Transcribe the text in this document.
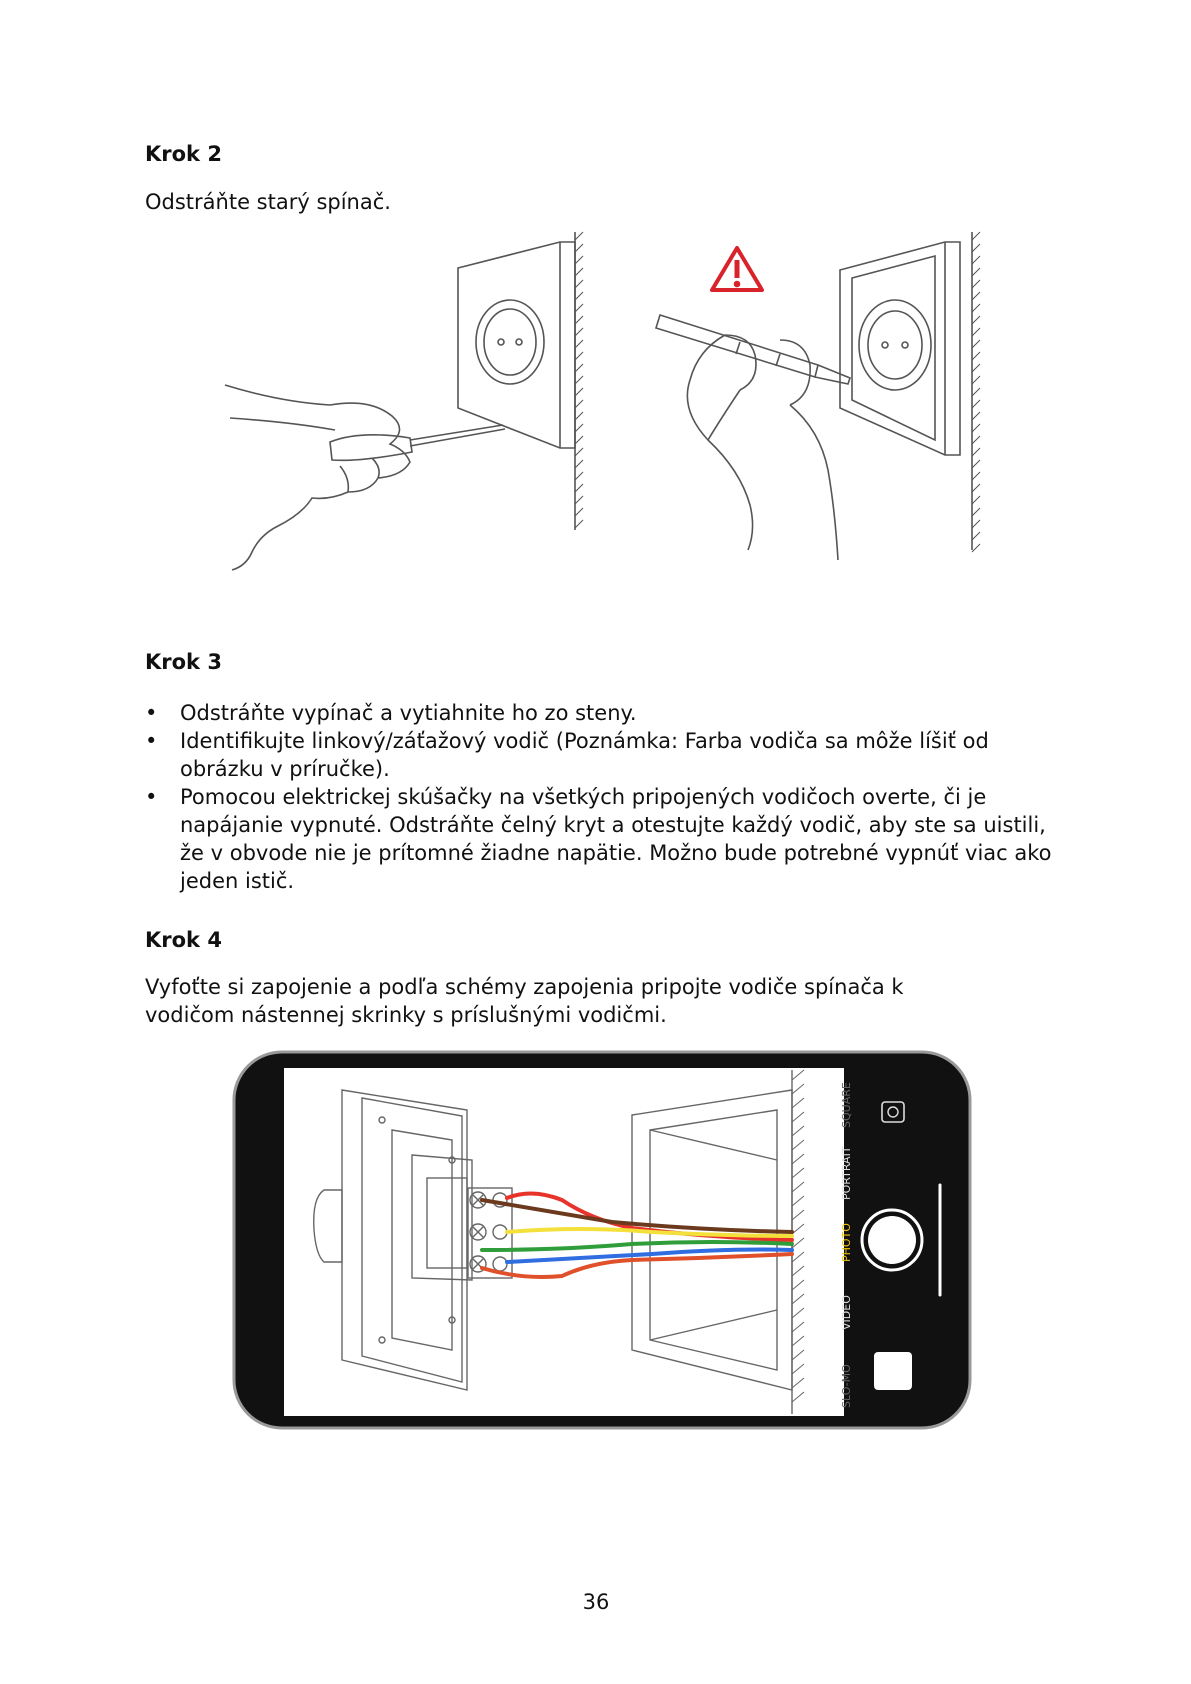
Krok 2
Odstráňte starý spínač.
Krok 3
• Odstráňte vypínač a vytiahnite ho zo steny.
• Identifikujte linkový/záťažový vodič (Poznámka: Farba vodiča sa môže líšiť od obrázku v príručke).
• Pomocou elektrickej skúšačky na všetkých pripojených vodičoch overte, či je napájanie vypnuté. Odstráňte čelný kryt a otestujte každý vodič, aby ste sa uistili, že v obvode nie je prítomné žiadne napätie. Možno bude potrebné vypnúť viac ako jeden istič.
Krok 4
Vyfoťte si zapojenie a podľa schémy zapojenia pripojte vodiče spínača k vodičom nástennej skrinky s príslušnými vodičmi.
SQUARE
PORTRAIT
PHOTO
VIDEO
SLO-MO
36
